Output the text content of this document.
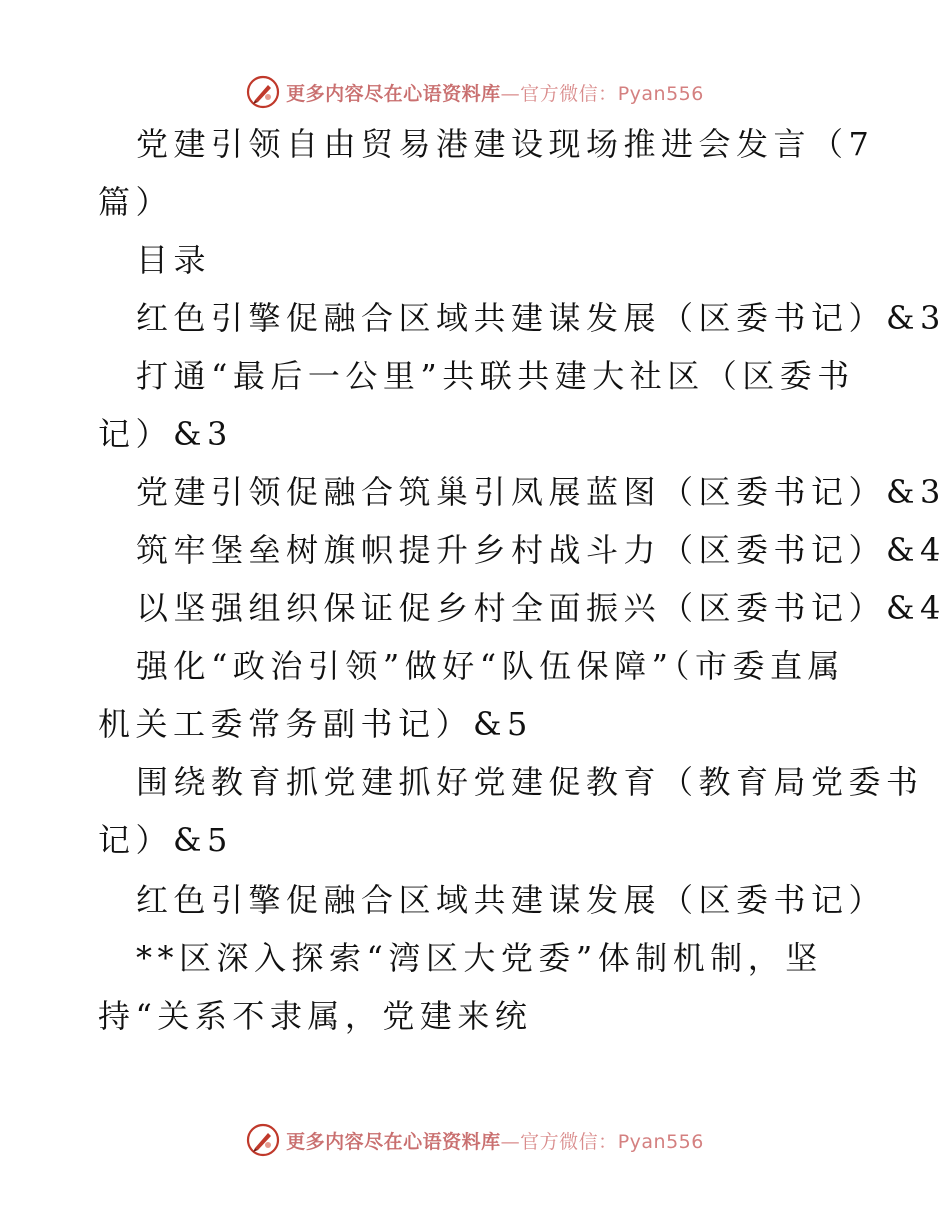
更多内容尽在心语资料库—官方微信：Pyan556
党建引领自由贸易港建设现场推进会发言（7
篇）
目录
红色引擎促融合区域共建谋发展（区委书记）&3
打通“最后一公里”共联共建大社区（区委书
记）&3
党建引领促融合筑巢引凤展蓝图（区委书记）&3
筑牢堡垒树旗帜提升乡村战斗力（区委书记）&4
以坚强组织保证促乡村全面振兴（区委书记）&4
强化“政治引领”做好“队伍保障”（市委直属
机关工委常务副书记）&5
围绕教育抓党建抓好党建促教育（教育局党委书
记）&5
红色引擎促融合区域共建谋发展（区委书记）
**区深入探索“湾区大党委”体制机制，坚
持“关系不隶属，党建来统
更多内容尽在心语资料库—官方微信：Pyan556
